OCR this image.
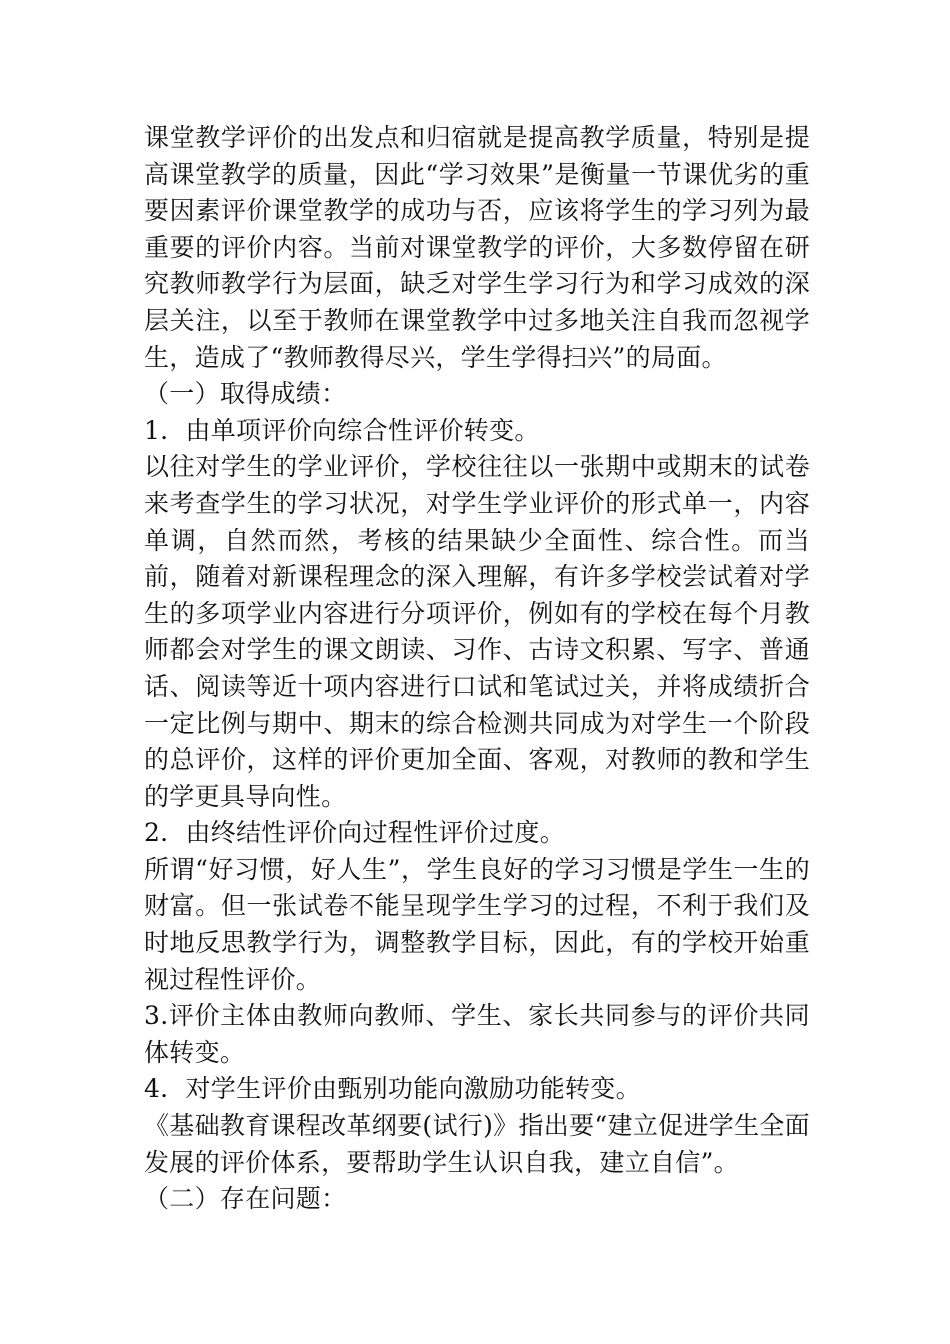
课堂教学评价的出发点和归宿就是提高教学质量，特别是提高课堂教学的质量，因此“学习效果”是衡量一节课优劣的重要因素评价课堂教学的成功与否，应该将学生的学习列为最重要的评价内容。当前对课堂教学的评价，大多数停留在研究教师教学行为层面，缺乏对学生学习行为和学习成效的深层关注，以至于教师在课堂教学中过多地关注自我而忽视学生，造成了“教师教得尽兴，学生学得扫兴”的局面。

（一）取得成绩：

1．由单项评价向综合性评价转变。

以往对学生的学业评价，学校往往以一张期中或期末的试卷来考查学生的学习状况，对学生学业评价的形式单一，内容单调，自然而然，考核的结果缺少全面性、综合性。而当前，随着对新课程理念的深入理解，有许多学校尝试着对学生的多项学业内容进行分项评价，例如有的学校在每个月教师都会对学生的课文朗读、习作、古诗文积累、写字、普通话、阅读等近十项内容进行口试和笔试过关，并将成绩折合一定比例与期中、期末的综合检测共同成为对学生一个阶段的总评价，这样的评价更加全面、客观，对教师的教和学生的学更具导向性。

2．由终结性评价向过程性评价过度。

所谓“好习惯，好人生”，学生良好的学习习惯是学生一生的财富。但一张试卷不能呈现学生学习的过程，不利于我们及时地反思教学行为，调整教学目标，因此，有的学校开始重视过程性评价。

3.评价主体由教师向教师、学生、家长共同参与的评价共同体转变。

4．对学生评价由甄别功能向激励功能转变。

《基础教育课程改革纲要(试行)》指出要“建立促进学生全面发展的评价体系，要帮助学生认识自我，建立自信”。

（二）存在问题：
